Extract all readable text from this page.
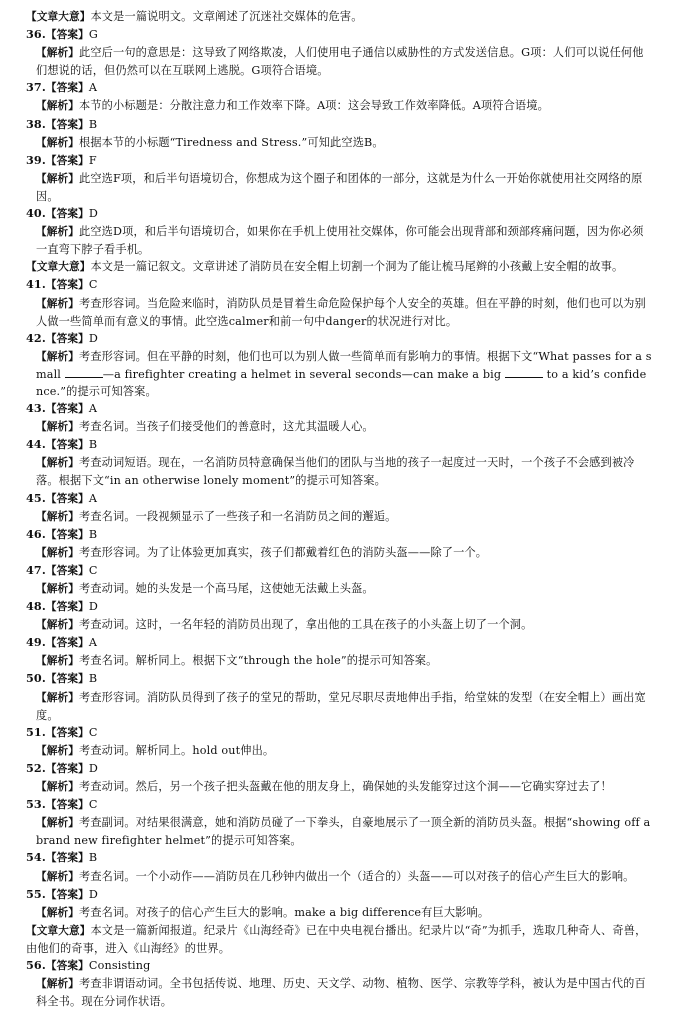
【文章大意】本文是一篇说明文。文章阐述了沉迷社交媒体的危害。
36.【答案】G
【解析】此空后一句的意思是：这导致了网络欺凌，人们使用电子通信以威胁性的方式发送信息。G项：人们可以说任何他们想说的话，但仍然可以在互联网上逃脱。G项符合语境。
37.【答案】A
【解析】本节的小标题是：分散注意力和工作效率下降。A项：这会导致工作效率降低。A项符合语境。
38.【答案】B
【解析】根据本节的小标题“Tiredness and Stress.”可知此空选B。
39.【答案】F
【解析】此空选F项，和后半句语境切合，你想成为这个圈子和团体的一部分，这就是为什么一开始你就使用社交网络的原因。
40.【答案】D
【解析】此空选D项，和后半句语境切合，如果你在手机上使用社交媒体，你可能会出现背部和颈部疼痛问题，因为你必须一直弯下脖子看手机。
【文章大意】本文是一篇记叙文。文章讲述了消防员在安全帽上切割一个洞为了能让梳马尾辫的小孩戴上安全帽的故事。
41.【答案】C
【解析】考查形容词。当危险来临时，消防队员是冒着生命危险保护每个人安全的英雄。但在平静的时刻，他们也可以为别人做一些简单而有意义的事情。此空选calmer和前一句中danger的状况进行对比。
42.【答案】D
【解析】考查形容词。但在平静的时刻，他们也可以为别人做一些简单而有影响力的事情。根据下文“What passes for a small	—a firefighter creating a helmet in several seconds—can make a big	to a kid’s confidence.”的提示可知答案。
43.【答案】A
【解析】考查名词。当孩子们接受他们的善意时，这尤其温暖人心。
44.【答案】B
【解析】考查动词短语。现在，一名消防员特意确保当他们的团队与当地的孩子一起度过一天时，一个孩子不会感到被冷落。根据下文“in an otherwise lonely moment”的提示可知答案。
45.【答案】A
【解析】考查名词。一段视频显示了一些孩子和一名消防员之间的邂逅。
46.【答案】B
【解析】考查形容词。为了让体验更加真实，孩子们都戴着红色的消防头盔——除了一个。
47.【答案】C
【解析】考查动词。她的头发是一个高马尾，这使她无法戴上头盔。
48.【答案】D
【解析】考查动词。这时，一名年轻的消防员出现了，拿出他的工具在孩子的小头盔上切了一个洞。
49.【答案】A
【解析】考查名词。解析同上。根据下文“through the hole”的提示可知答案。
50.【答案】B
【解析】考查形容词。消防队员得到了孩子的堂兄的帮助，堂兄尽职尽责地伸出手指，给堂妹的发型（在安全帽上）画出宽度。
51.【答案】C
【解析】考查动词。解析同上。hold out伸出。
52.【答案】D
【解析】考查动词。然后，另一个孩子把头盔戴在他的朋友身上，确保她的头发能穿过这个洞——它确实穿过去了！
53.【答案】C
【解析】考查副词。对结果很满意，她和消防员碰了一下拳头，自豪地展示了一顶全新的消防员头盔。根据“showing off a brand new firefighter helmet”的提示可知答案。
54.【答案】B
【解析】考查名词。一个小动作——消防员在几秒钟内做出一个（适合的）头盔——可以对孩子的信心产生巨大的影响。
55.【答案】D
【解析】考查名词。对孩子的信心产生巨大的影响。make a big difference有巨大影响。
【文章大意】本文是一篇新闻报道。纪录片《山海经奇》已在中央电视台播出。纪录片以“奇”为抓手，选取几种奇人、奇兽，由他们的奇事，进入《山海经》的世界。
56.【答案】Consisting
【解析】考查非谓语动词。全书包括传说、地理、历史、天文学、动物、植物、医学、宗教等学科，被认为是中国古代的百科全书。现在分词作状语。
